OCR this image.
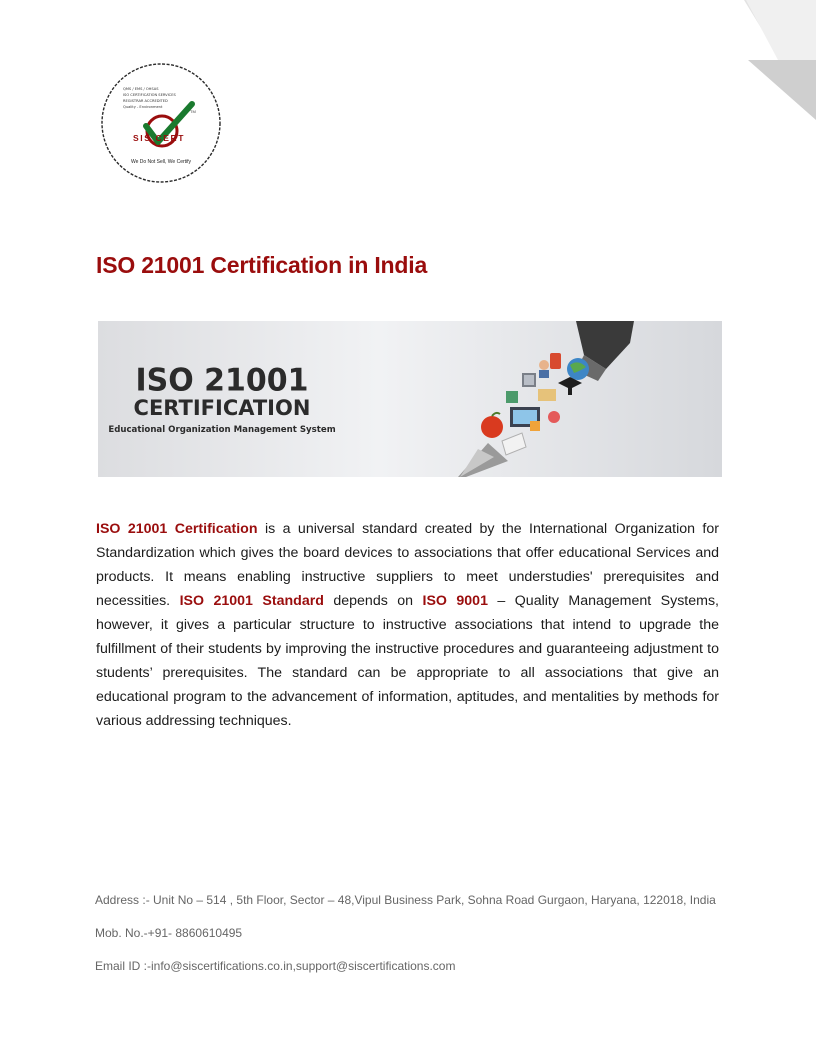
QMS / EMS / OHSAS
ISO CERTIFICATION SERVICES
REGISTRAR ACCREDITED
Quality - Environment
SIS CERT
TM
We Do Not Sell, We Certify
ISO 21001 Certification in India
ISO 21001
CERTIFICATION
Educational Organization Management System

ISO 21001 Certification is a universal standard created by the International Organization for Standardization which gives the board devices to associations that offer educational Services and products. It means enabling instructive suppliers to meet understudies' prerequisites and necessities. ISO 21001 Standard depends on ISO 9001 – Quality Management Systems, however, it gives a particular structure to instructive associations that intend to upgrade the fulfillment of their students by improving the instructive procedures and guaranteeing adjustment to students’ prerequisites. The standard can be appropriate to all associations that give an educational program to the advancement of information, aptitudes, and mentalities by methods for various addressing techniques.

Address :- Unit No – 514 , 5th Floor, Sector – 48,Vipul Business Park, Sohna Road Gurgaon, Haryana, 122018, India

Mob. No.-+91- 8860610495

Email ID :-info@siscertifications.co.in,support@siscertifications.com
